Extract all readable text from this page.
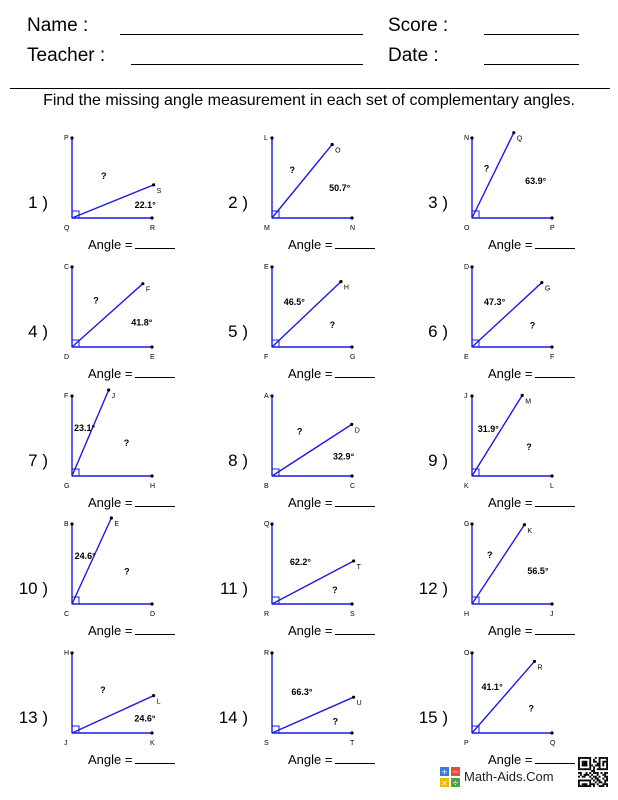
Name :	Score :
Teacher :	Date :
Find the missing angle measurement in each set of complementary angles.
1 )
P
Q	R
S
22.1°
?
Angle =
2 )
L
M	N
O
50.7°
?
Angle =
3 )
N
O	P
Q
63.9°
?
Angle =
4 )
C
D	E
F
41.8°
?
Angle =
5 )
E
F	G
H
46.5°
?
Angle =
6 )
D
E	F
G
47.3°
?
Angle =
7 )
F
G	H
J
23.1°
?
Angle =
8 )
A
B	C
D
32.9°
?
Angle =
9 )
J
K	L
M
31.9°
?
Angle =
10 )
B
C	D
E
24.6°
?
Angle =
11 )
Q
R	S
T
62.2°
?
Angle =
12 )
G
H	J
K
56.5°
?
Angle =
13 )
H
J	K
L
24.6°
?
Angle =
14 )
R
S	T
U
66.3°
?
Angle =
15 )
O
P	Q
R
41.1°
?
Angle =
+ −
× ÷ Math-Aids.Com
